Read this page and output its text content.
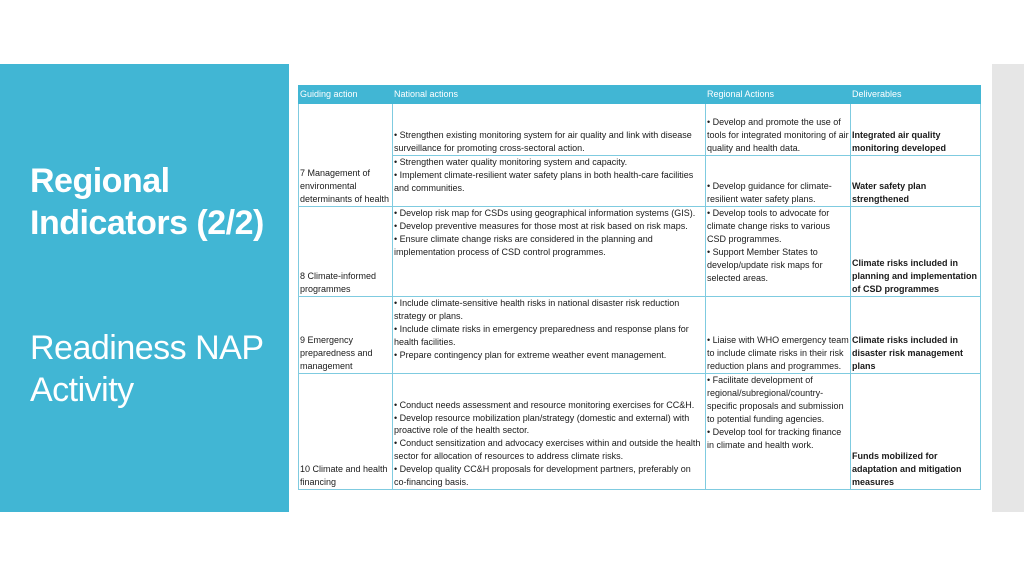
Regional Indicators (2/2)
Readiness NAP Activity
Guiding action	National actions	Regional Actions	Deliverables

7 Management of environmental determinants of health	• Strengthen existing monitoring system for air quality and link with disease surveillance for promoting cross-sectoral action.	• Develop and promote the use of tools for integrated monitoring of air quality and health data.	Integrated air quality monitoring developed

	• Strengthen water quality monitoring system and capacity.
• Implement climate-resilient water safety plans in both health-care facilities and communities.	• Develop guidance for climate-resilient water safety plans.	Water safety plan strengthened

8 Climate-informed programmes	• Develop risk map for CSDs using geographical information systems (GIS).
• Develop preventive measures for those most at risk based on risk maps.
• Ensure climate change risks are considered in the planning and implementation process of CSD control programmes.	• Develop tools to advocate for climate change risks to various CSD programmes.
• Support Member States to develop/update risk maps for selected areas.	Climate risks included in planning and implementation of CSD programmes

9 Emergency preparedness and management	• Include climate-sensitive health risks in national disaster risk reduction strategy or plans.
• Include climate risks in emergency preparedness and response plans for health facilities.
• Prepare contingency plan for extreme weather event management.	• Liaise with WHO emergency team to include climate risks in their risk reduction plans and programmes.	Climate risks included in disaster risk management plans

10 Climate and health financing	• Conduct needs assessment and resource monitoring exercises for CC&H.
• Develop resource mobilization plan/strategy (domestic and external) with proactive role of the health sector.
• Conduct sensitization and advocacy exercises within and outside the health sector for allocation of resources to address climate risks.
• Develop quality CC&H proposals for development partners, preferably on co-financing basis.	• Facilitate development of regional/subregional/country-specific proposals and submission to potential funding agencies.
• Develop tool for tracking finance in climate and health work.	Funds mobilized for adaptation and mitigation measures
